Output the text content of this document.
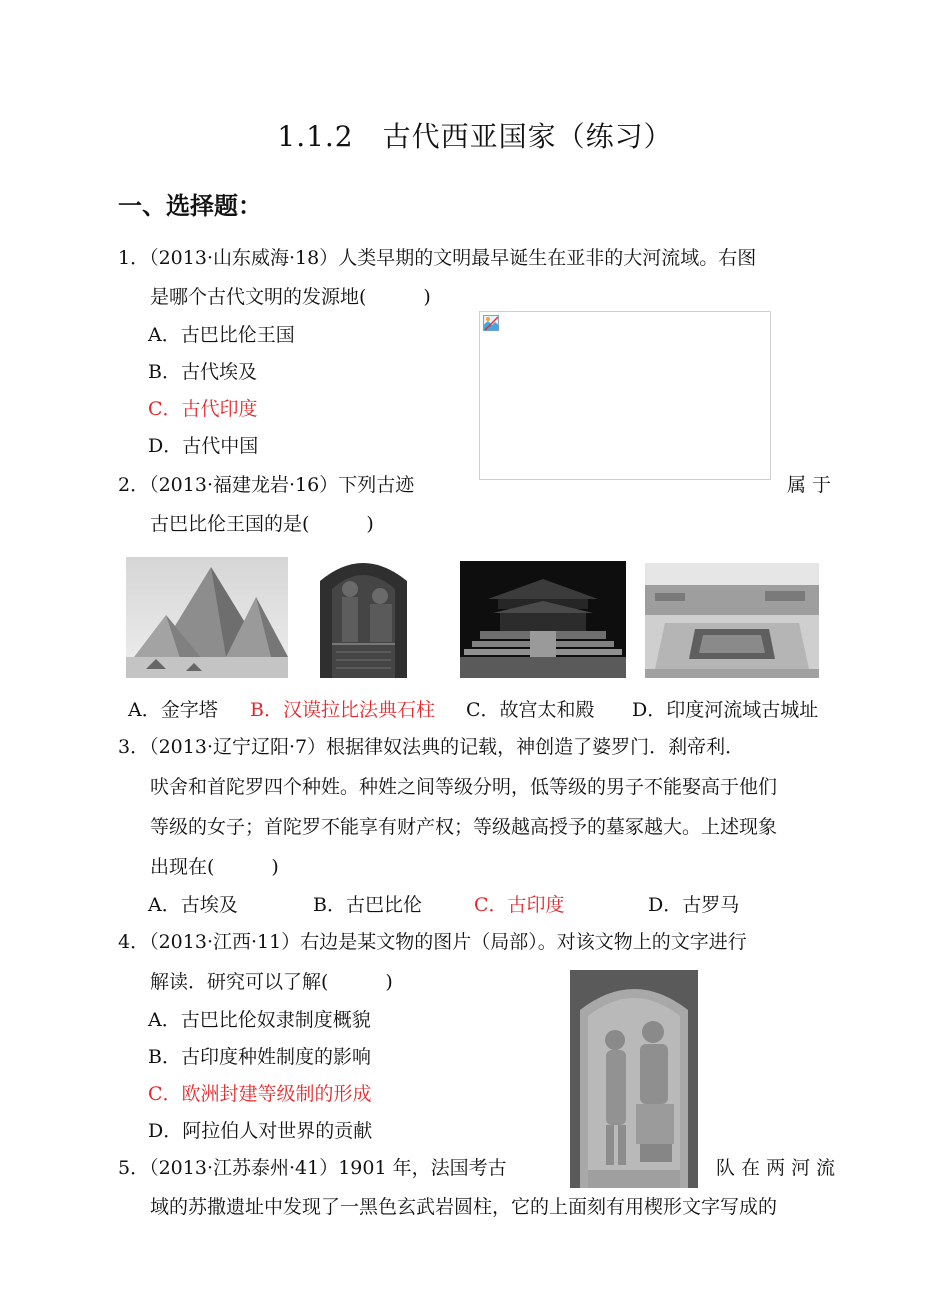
1.1.2　古代西亚国家（练习）
一、选择题：
1．（2013·山东威海·18）人类早期的文明最早诞生在亚非的大河流域。右图
是哪个古代文明的发源地(　　　)
A．古巴比伦王国
B．古代埃及
C．古代印度
D．古代中国
2．（2013·福建龙岩·16）下列古迹	属 于
古巴比伦王国的是(　　　)
A．金字塔 B．汉谟拉比法典石柱 C．故宫太和殿 D．印度河流域古城址
3．（2013·辽宁辽阳·7）根据律奴法典的记载，神创造了婆罗门．刹帝利．
吠舍和首陀罗四个种姓。种姓之间等级分明，低等级的男子不能娶高于他们
等级的女子；首陀罗不能享有财产权；等级越高授予的墓冢越大。上述现象
出现在(　　　)
A．古埃及	B．古巴比伦	C．古印度	D．古罗马
4．（2013·江西·11）右边是某文物的图片（局部）。对该文物上的文字进行
解读．研究可以了解(　　　)
A．古巴比伦奴隶制度概貌
B．古印度种姓制度的影响
C．欧洲封建等级制的形成
D．阿拉伯人对世界的贡献
5．（2013·江苏泰州·41）1901 年，法国考古	队 在 两 河 流
域的苏撒遗址中发现了一黑色玄武岩圆柱，它的上面刻有用楔形文字写成的
